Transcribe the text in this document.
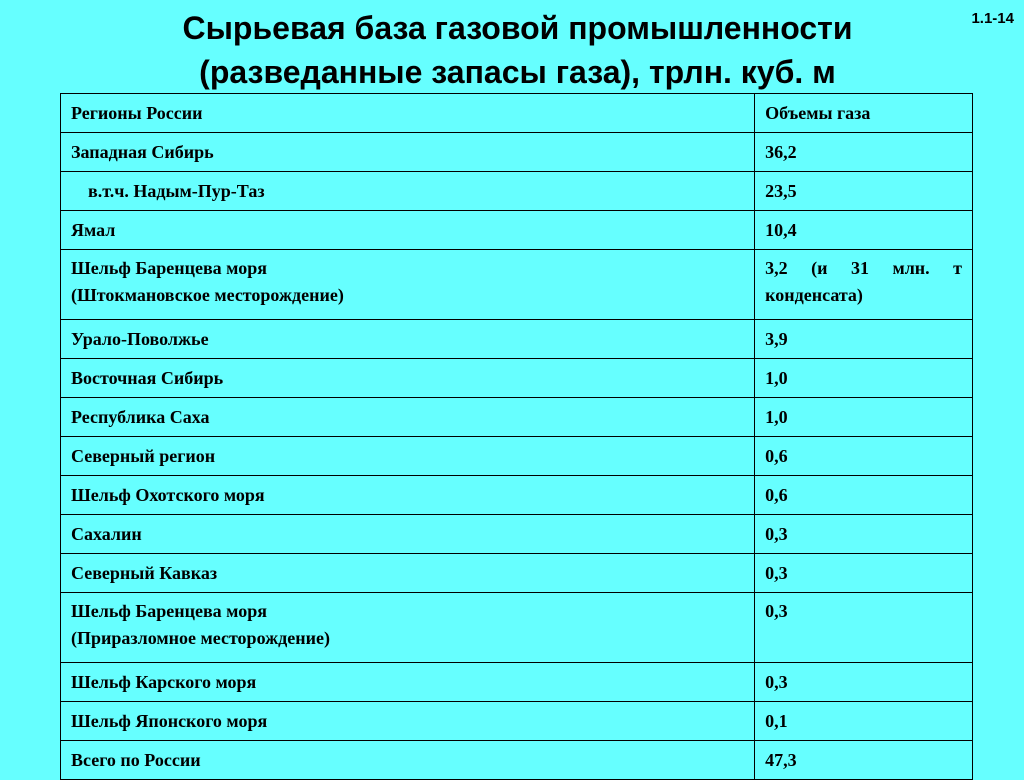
Сырьевая база газовой промышленности
(разведанные запасы газа), трлн. куб. м
1.1-14
Регионы России	Объемы газа
Западная Сибирь	36,2
в.т.ч. Надым-Пур-Таз	23,5
Ямал	10,4

Шельф Баренцева моря
(Штокмановское месторождение)	3,2 (и 31 млн. т
конденсата)

Урало-Поволжье	3,9
Восточная Сибирь	1,0
Республика Саха	1,0
Северный регион	0,6
Шельф Охотского моря	0,6
Сахалин	0,3
Северный Кавказ	0,3

Шельф Баренцева моря
(Приразломное месторождение)	0,3
Шельф Карского моря	0,3
Шельф Японского моря	0,1
Всего по России	47,3
